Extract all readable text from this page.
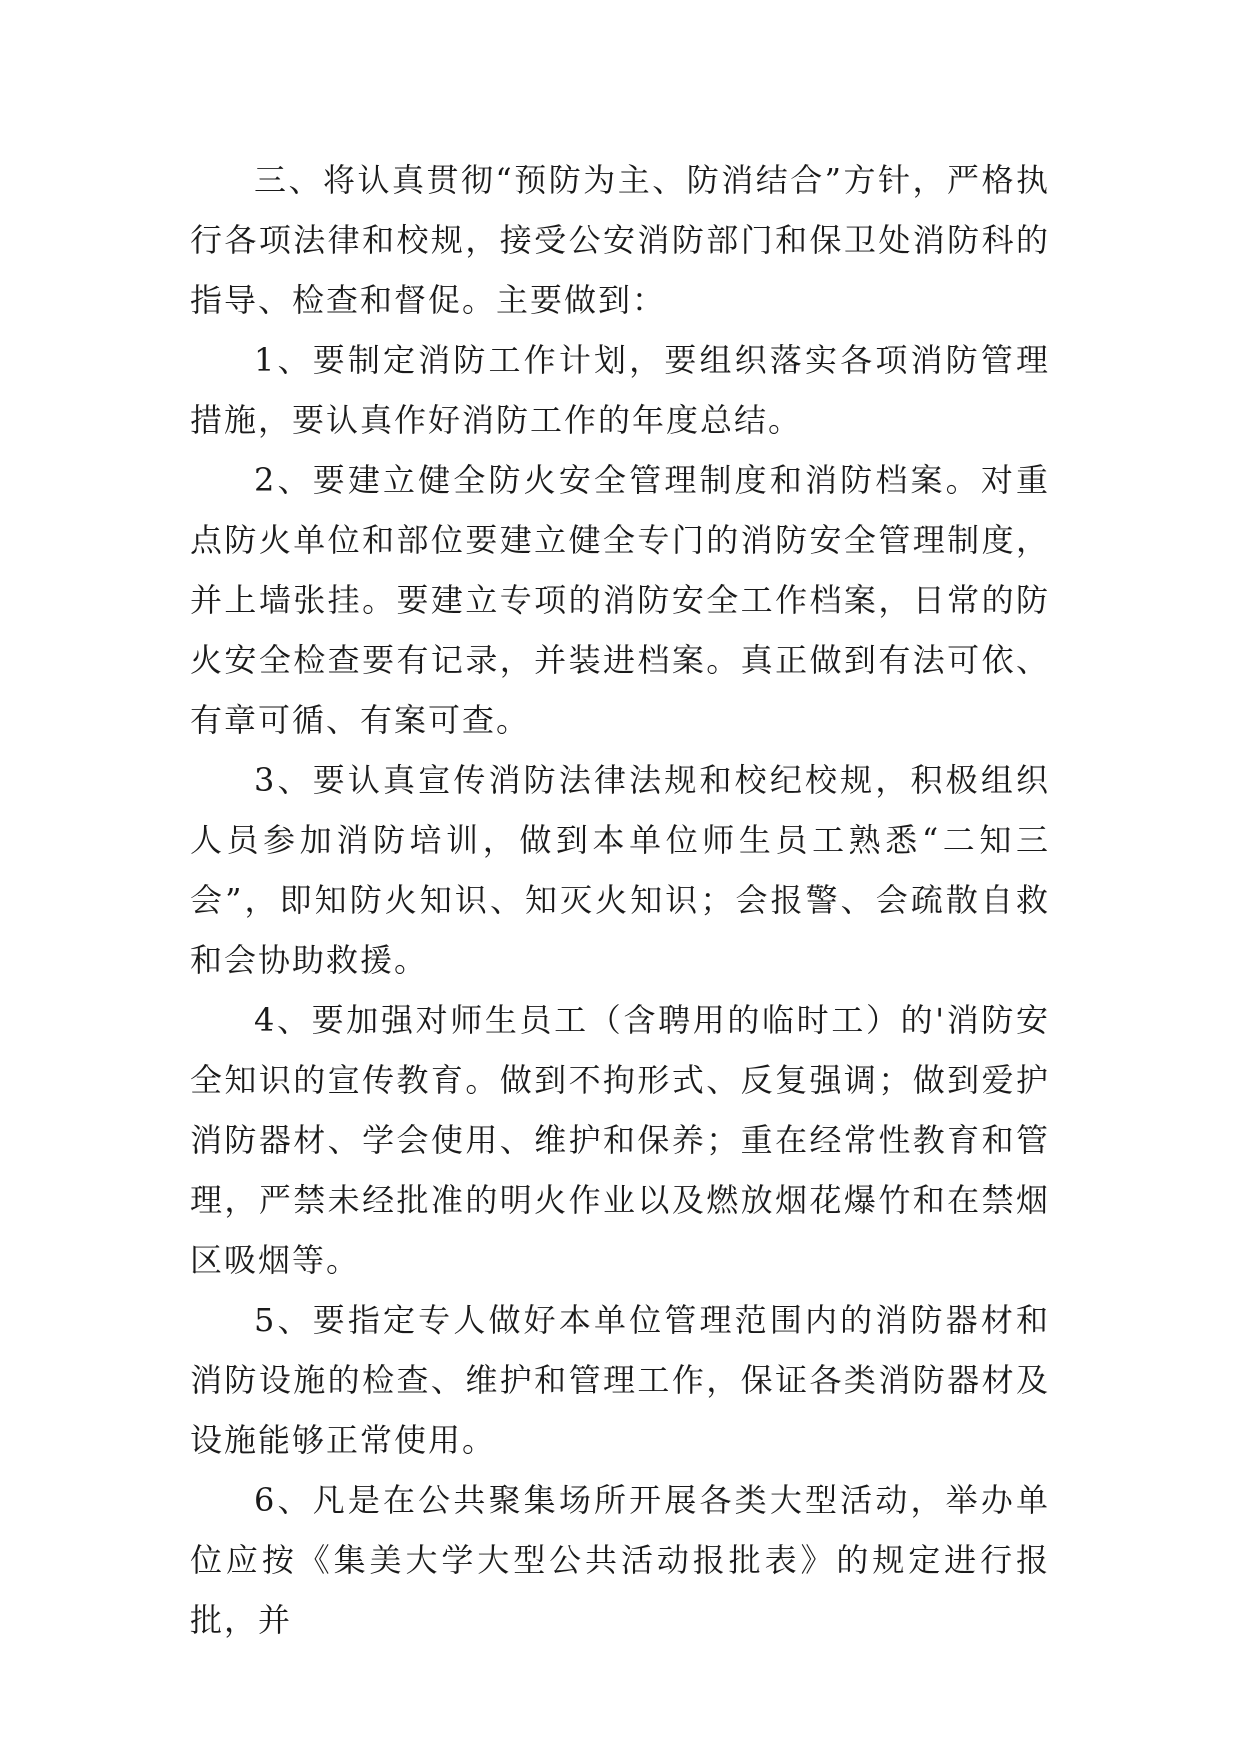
三、将认真贯彻“预防为主、防消结合”方针，严格执行各项法律和校规，接受公安消防部门和保卫处消防科的指导、检查和督促。主要做到：

1、要制定消防工作计划，要组织落实各项消防管理措施，要认真作好消防工作的年度总结。

2、要建立健全防火安全管理制度和消防档案。对重点防火单位和部位要建立健全专门的消防安全管理制度，并上墙张挂。要建立专项的消防安全工作档案，日常的防火安全检查要有记录，并装进档案。真正做到有法可依、有章可循、有案可查。

3、要认真宣传消防法律法规和校纪校规，积极组织人员参加消防培训，做到本单位师生员工熟悉“二知三会”，即知防火知识、知灭火知识；会报警、会疏散自救和会协助救援。

4、要加强对师生员工（含聘用的临时工）的'消防安全知识的宣传教育。做到不拘形式、反复强调；做到爱护消防器材、学会使用、维护和保养；重在经常性教育和管理，严禁未经批准的明火作业以及燃放烟花爆竹和在禁烟区吸烟等。

5、要指定专人做好本单位管理范围内的消防器材和消防设施的检查、维护和管理工作，保证各类消防器材及设施能够正常使用。

6、凡是在公共聚集场所开展各类大型活动，举办单位应按《集美大学大型公共活动报批表》的规定进行报批，并
